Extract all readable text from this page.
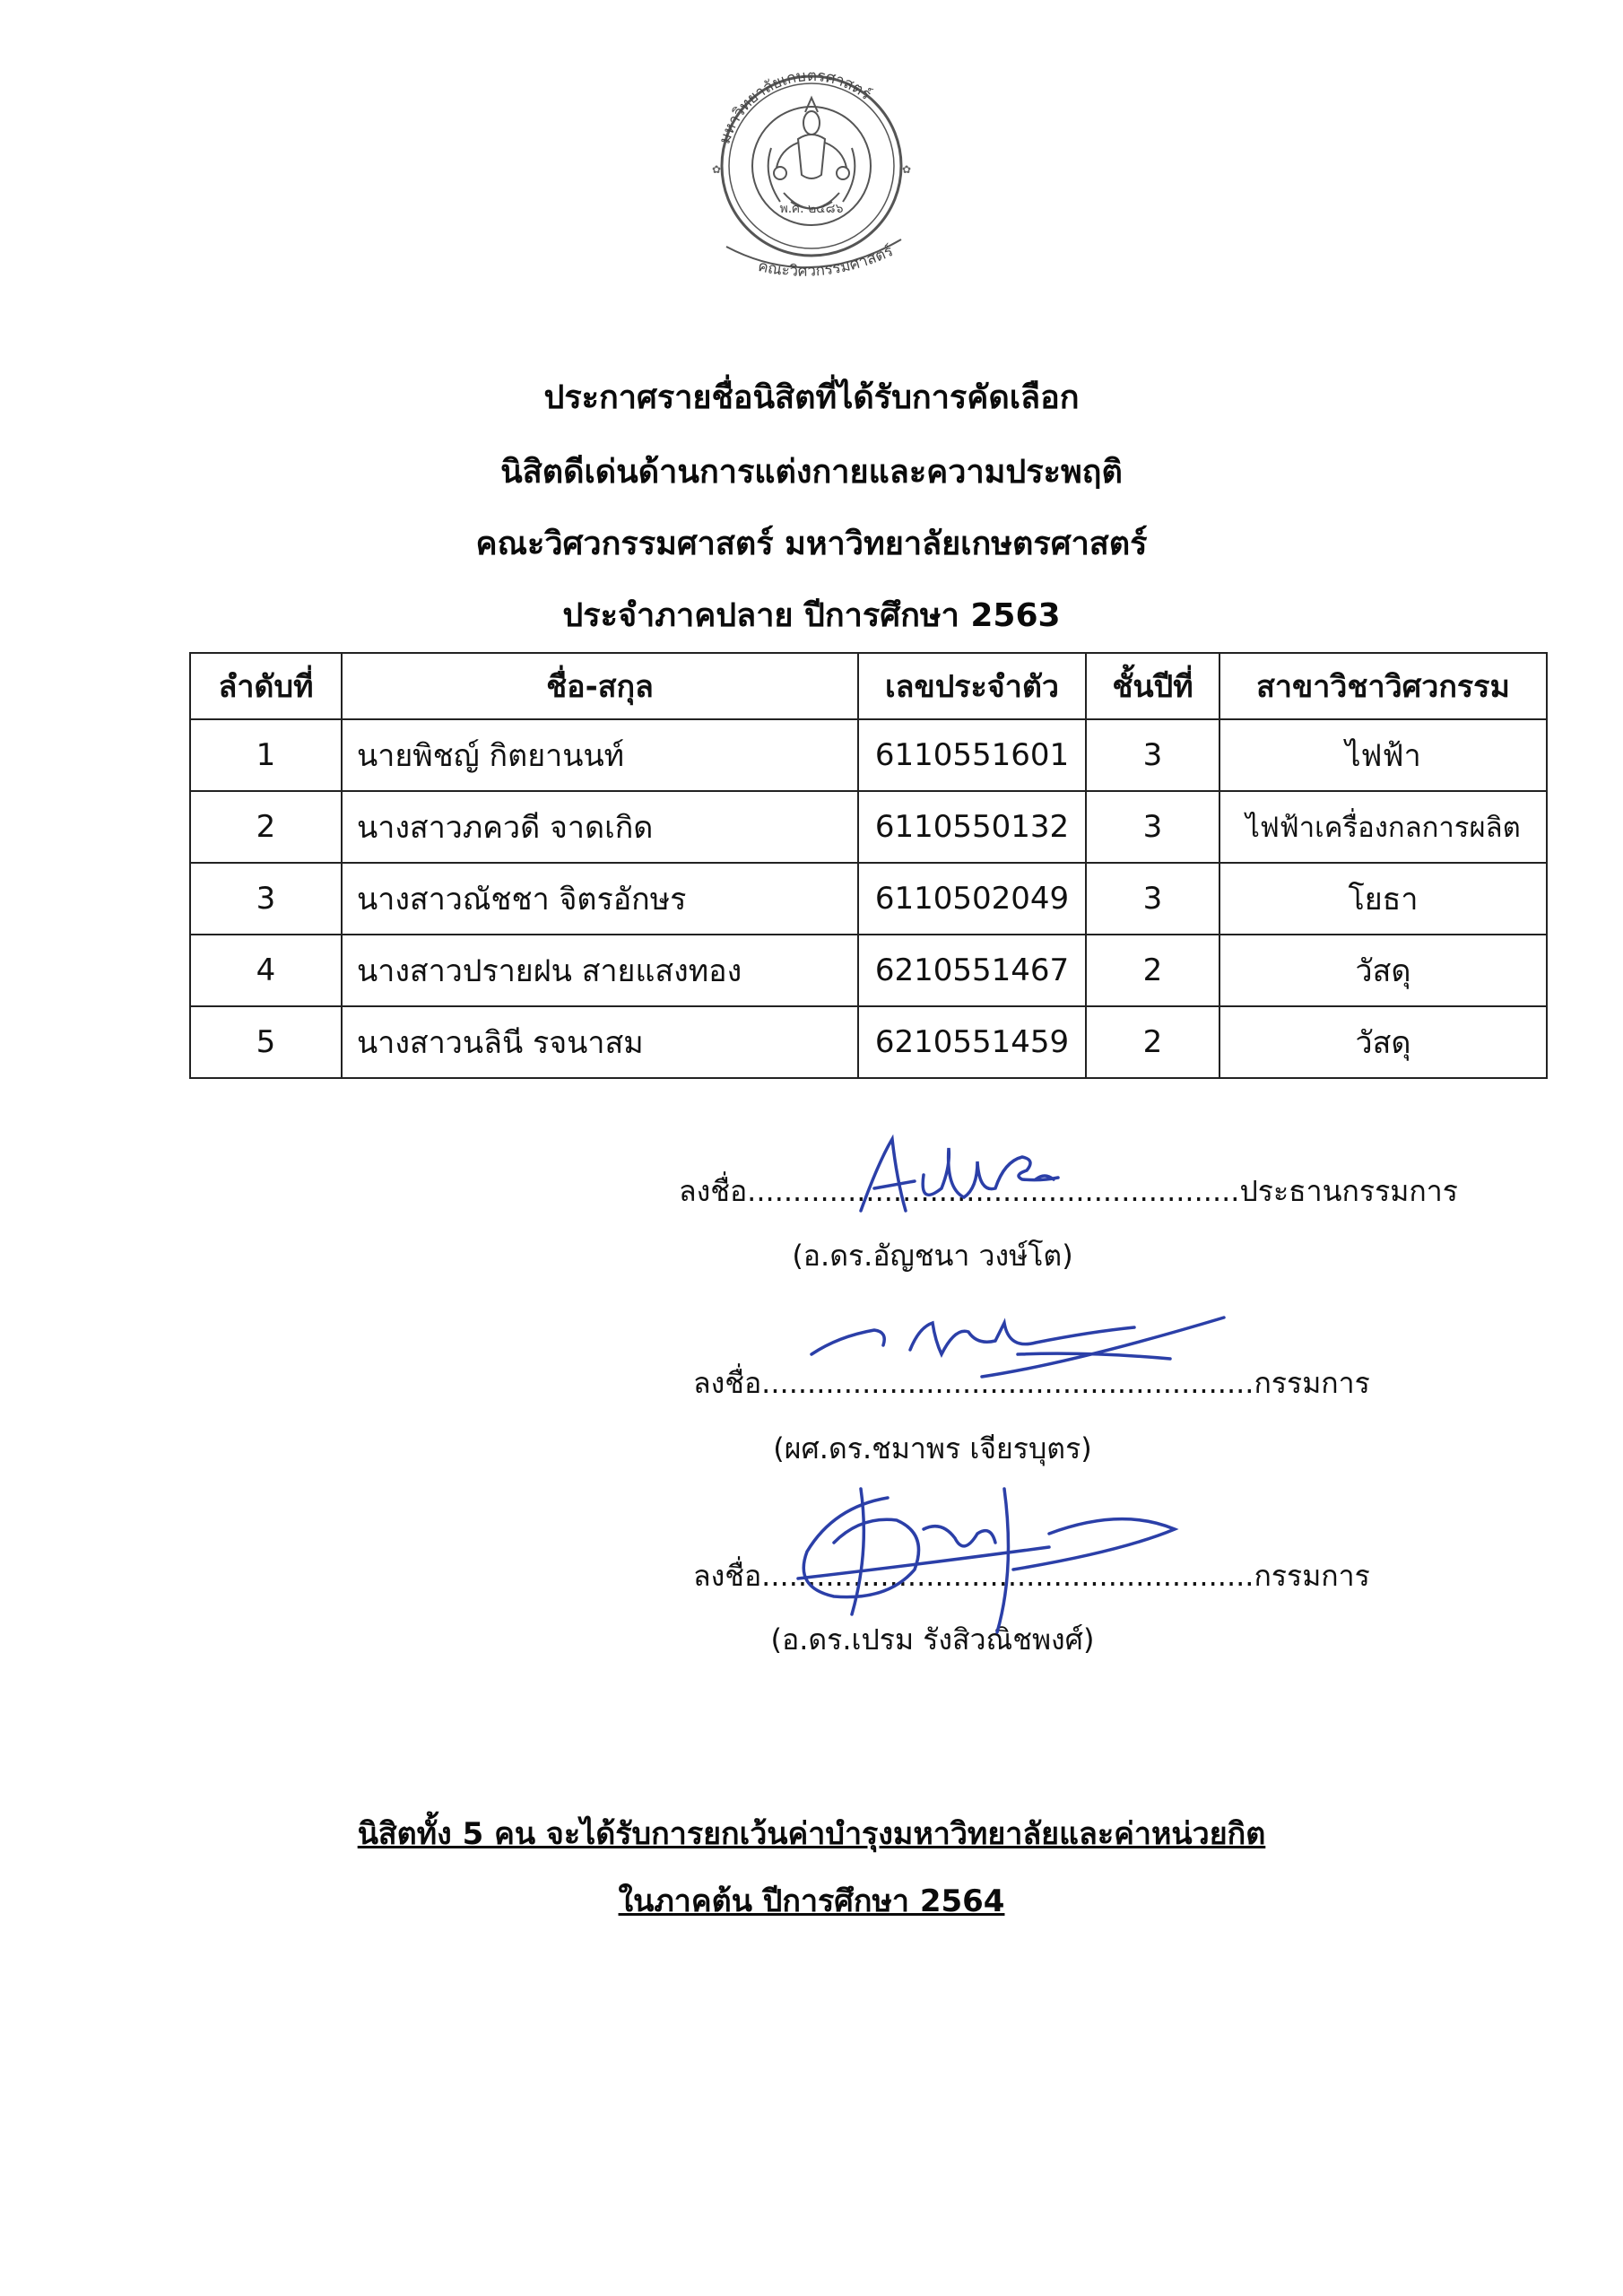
มหาวิทยาลัยเกษตรศาสตร์
พ.ศ. ๒๔๘๖
คณะวิศวกรรมศาสตร์
✿	✿
ประกาศรายชื่อนิสิตที่ได้รับการคัดเลือก
นิสิตดีเด่นด้านการแต่งกายและความประพฤติ
คณะวิศวกรรมศาสตร์ มหาวิทยาลัยเกษตรศาสตร์
ประจำภาคปลาย ปีการศึกษา 2563
ลำดับที่	ชื่อ-สกุล	เลขประจำตัว	ชั้นปีที่	สาขาวิชาวิศวกรรม
1	นายพิชญ์ กิตยานนท์	6110551601	3	ไฟฟ้า
2	นางสาวภควดี จาดเกิด	6110550132	3	ไฟฟ้าเครื่องกลการผลิต
3	นางสาวณัชชา จิตรอักษร	6110502049	3	โยธา
4	นางสาวปรายฝน สายแสงทอง	6210551467	2	วัสดุ
5	นางสาวนลินี รจนาสม	6210551459	2	วัสดุ
ลงชื่อ......................................................ประธานกรรมการ
(อ.ดร.อัญชนา วงษ์โต)
ลงชื่อ......................................................กรรมการ
(ผศ.ดร.ชมาพร เจียรบุตร)
ลงชื่อ......................................................กรรมการ
(อ.ดร.เปรม รังสิวณิชพงศ์)
นิสิตทั้ง 5 คน จะได้รับการยกเว้นค่าบำรุงมหาวิทยาลัยและค่าหน่วยกิต
ในภาคต้น ปีการศึกษา 2564
